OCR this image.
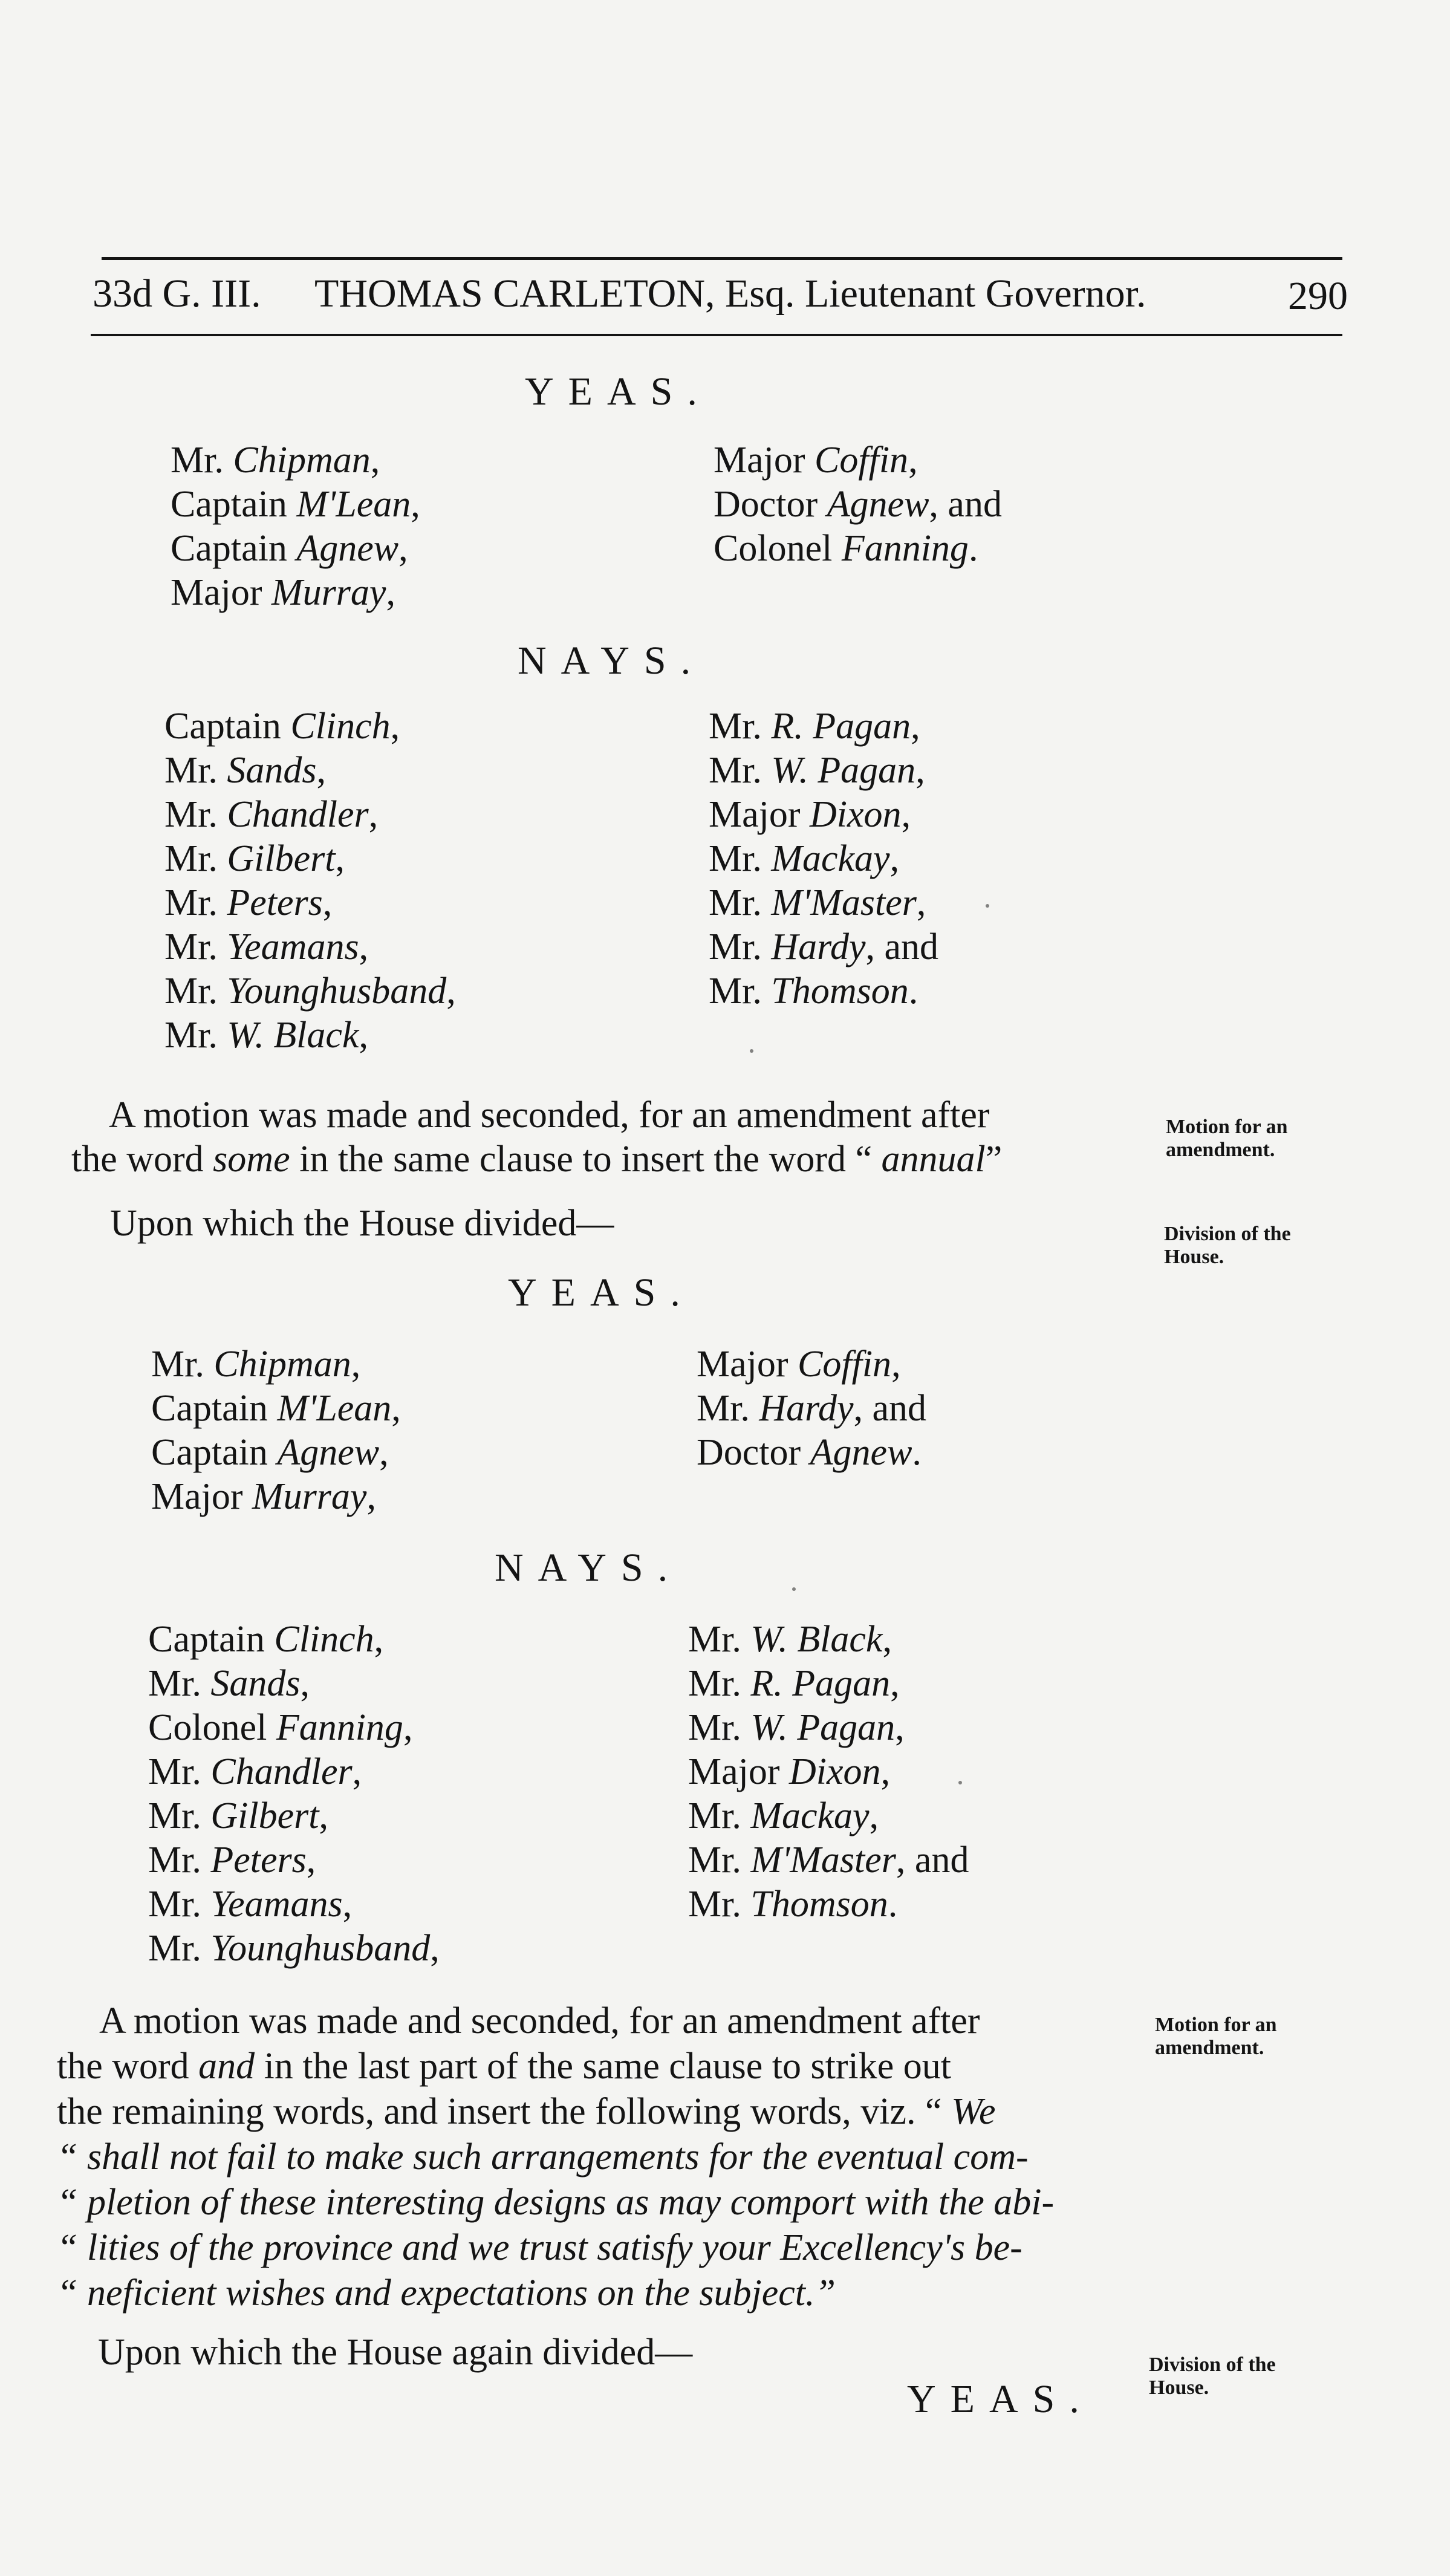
33d G. III. THOMAS CARLETON, Esq. Lieutenant Governor.	290
YEAS.
Mr. Chipman,
Captain M'Lean,
Captain Agnew,
Major Murray,
Major Coffin,
Doctor Agnew, and
Colonel Fanning.
NAYS.
Captain Clinch,
Mr. Sands,
Mr. Chandler,
Mr. Gilbert,
Mr. Peters,
Mr. Yeamans,
Mr. Younghusband,
Mr. W. Black,
Mr. R. Pagan,
Mr. W. Pagan,
Major Dixon,
Mr. Mackay,
Mr. M'Master,
Mr. Hardy, and
Mr. Thomson.
A motion was made and seconded, for an amendment after
the word some in the same clause to insert the word “ annual”
Motion for an amendment.
Upon which the House divided—	Division of the House.
YEAS.
Mr. Chipman,
Captain M'Lean,
Captain Agnew,
Major Murray,
Major Coffin,
Mr. Hardy, and
Doctor Agnew.
NAYS.
Captain Clinch,
Mr. Sands,
Colonel Fanning,
Mr. Chandler,
Mr. Gilbert,
Mr. Peters,
Mr. Yeamans,
Mr. Younghusband,
Mr. W. Black,
Mr. R. Pagan,
Mr. W. Pagan,
Major Dixon,
Mr. Mackay,
Mr. M'Master, and
Mr. Thomson.
A motion was made and seconded, for an amendment after
the word and in the last part of the same clause to strike out
the remaining words, and insert the following words, viz. “ We
“ shall not fail to make such arrangements for the eventual com-
“ pletion of these interesting designs as may comport with the abi-
“ lities of the province and we trust satisfy your Excellency's be-
“ neficient wishes and expectations on the subject.”
Motion for an amendment.
Upon which the House again divided—	Division of the House.
YEAS.
